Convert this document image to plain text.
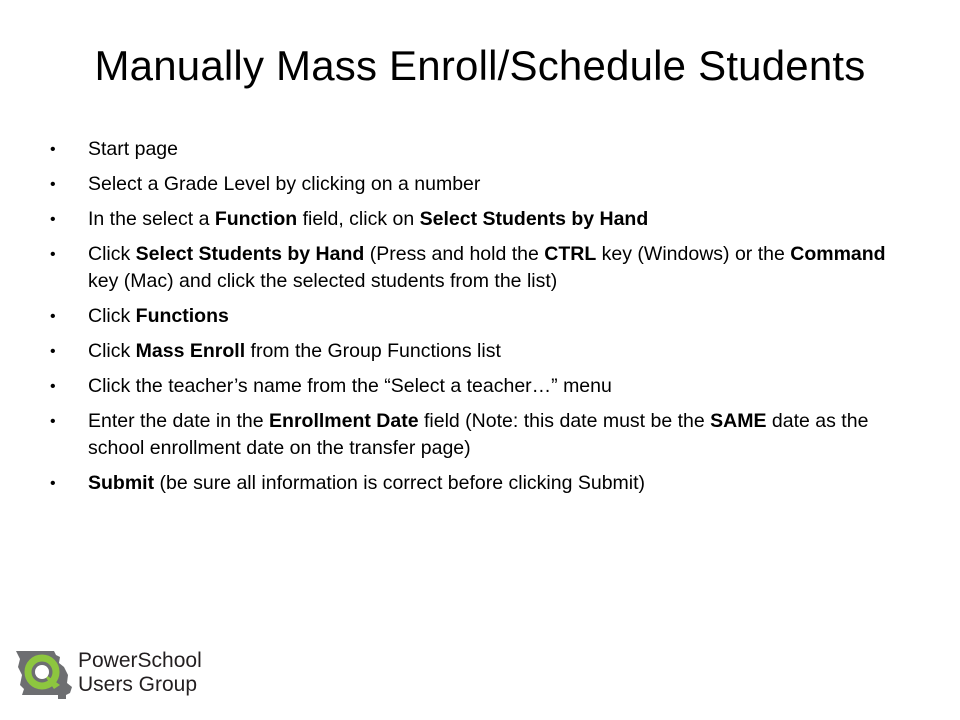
Manually Mass Enroll/Schedule Students
• Start page
• Select a Grade Level by clicking on a number
• In the select a Function field, click on Select Students by Hand
• Click Select Students by Hand (Press and hold the CTRL key (Windows) or the Command key (Mac) and click the selected students from the list)
• Click Functions
• Click Mass Enroll from the Group Functions list
• Click the teacher’s name from the “Select a teacher…” menu
• Enter the date in the Enrollment Date field (Note: this date must be the SAME date as the school enrollment date on the transfer page)
• Submit (be sure all information is correct before clicking Submit)
PowerSchool
Users Group
